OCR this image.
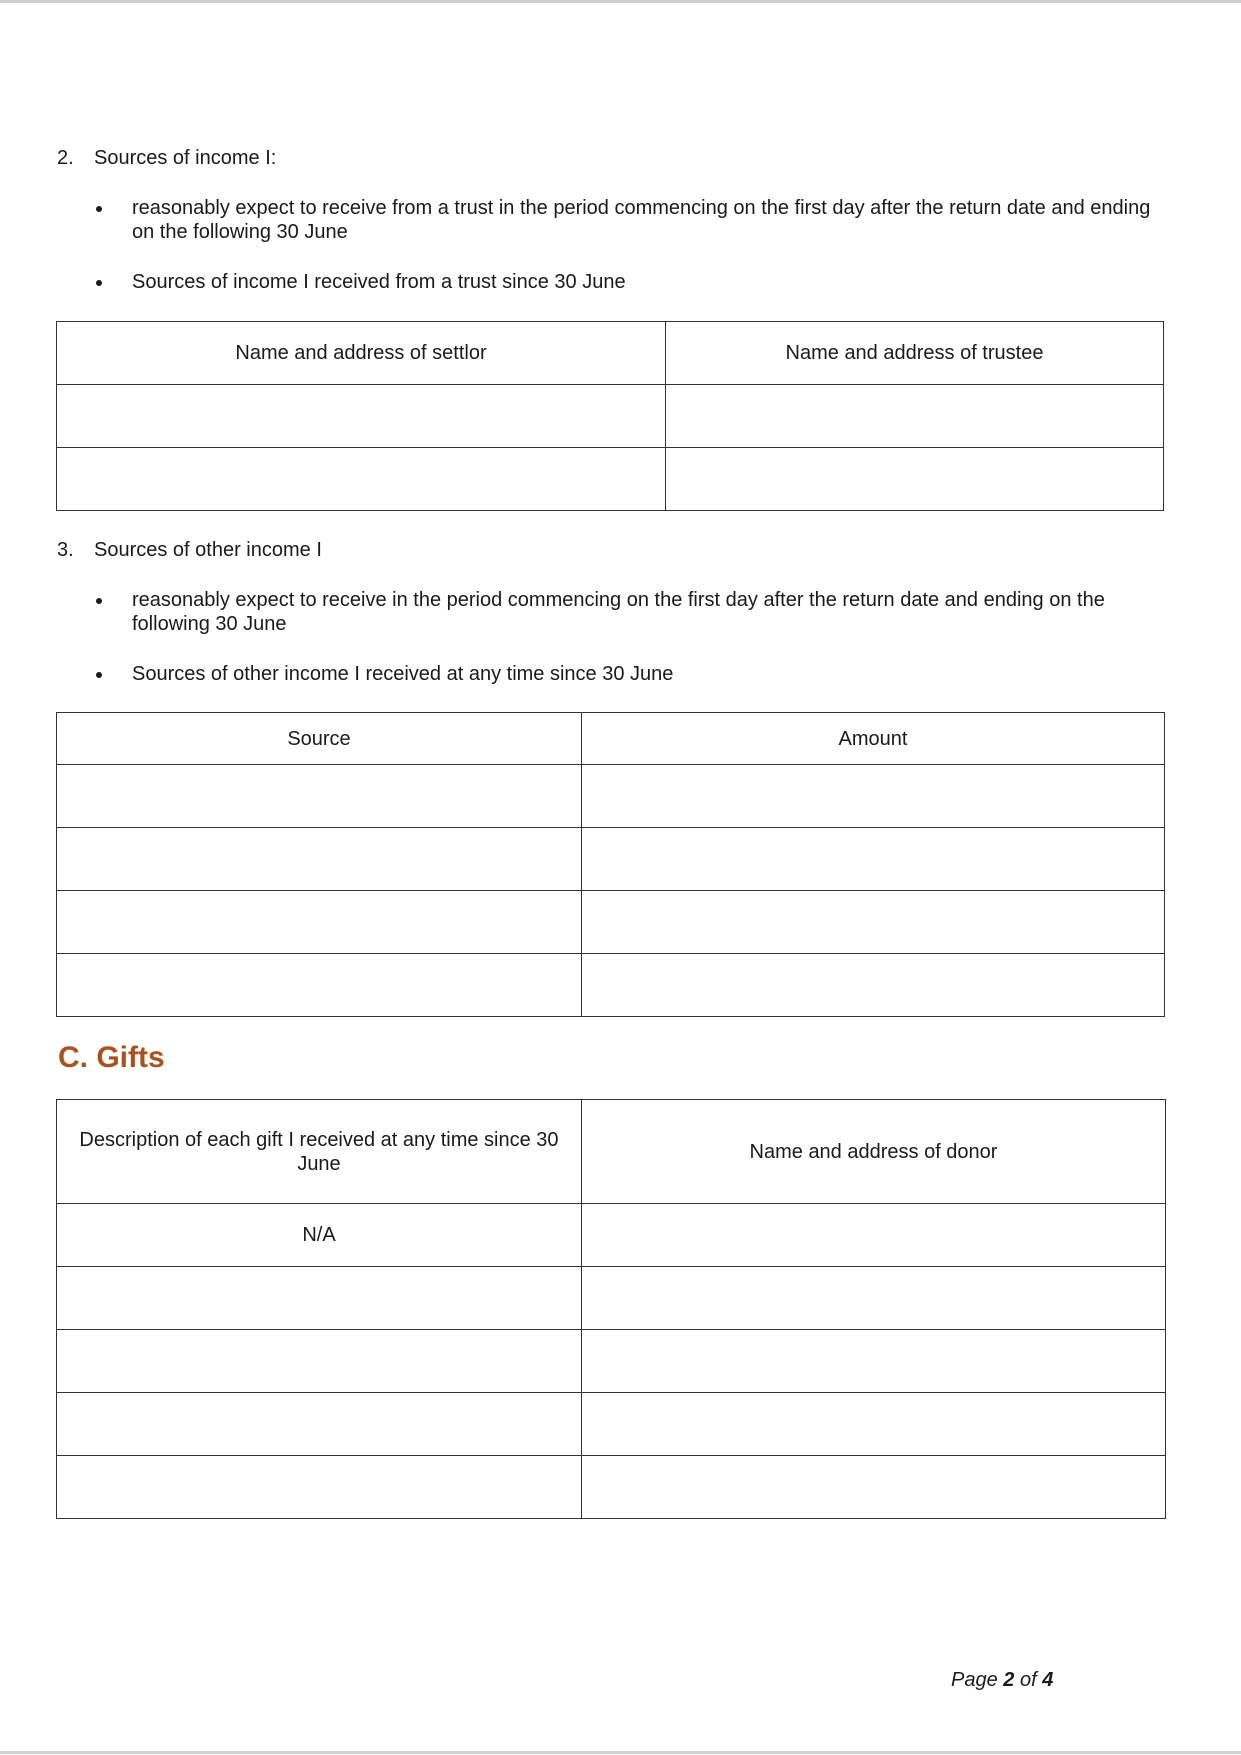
2. Sources of income I:
reasonably expect to receive from a trust in the period commencing on the first day after the return date and ending on the following 30 June
Sources of income I received from a trust since 30 June
Name and address of settlor	Name and address of trustee

3. Sources of other income I
reasonably expect to receive in the period commencing on the first day after the return date and ending on the following 30 June
Sources of other income I received at any time since 30 June
Source	Amount

C. Gifts
Description of each gift I received at any time since 30 June	Name and address of donor
N/A	

Page 2 of 4
